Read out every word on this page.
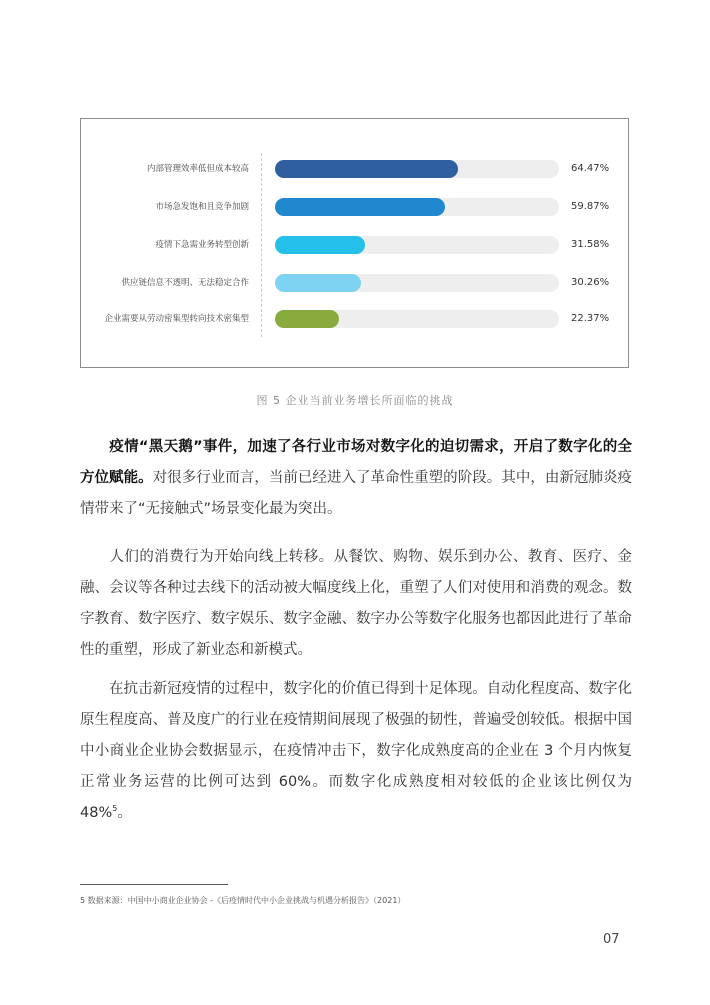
内部管理效率低但成本较高	64.47%
市场急发饱和且竞争加剧	59.87%
疫情下急需业务转型创新	31.58%
供应链信息不透明、无法稳定合作	30.26%
企业需要从劳动密集型转向技术密集型	22.37%
图 5 企业当前业务增长所面临的挑战

疫情“黑天鹅”事件，加速了各行业市场对数字化的迫切需求，开启了数字化的全方位赋能。对很多行业而言，当前已经进入了革命性重塑的阶段。其中，由新冠肺炎疫情带来了“无接触式”场景变化最为突出。

人们的消费行为开始向线上转移。从餐饮、购物、娱乐到办公、教育、医疗、金融、会议等各种过去线下的活动被大幅度线上化，重塑了人们对使用和消费的观念。数字教育、数字医疗、数字娱乐、数字金融、数字办公等数字化服务也都因此进行了革命性的重塑，形成了新业态和新模式。

在抗击新冠疫情的过程中，数字化的价值已得到十足体现。自动化程度高、数字化原生程度高、普及度广的行业在疫情期间展现了极强的韧性，普遍受创较低。根据中国中小商业企业协会数据显示，在疫情冲击下，数字化成熟度高的企业在 3 个月内恢复正常业务运营的比例可达到 60%。而数字化成熟度相对较低的企业该比例仅为 48%$^5$。

5 数据来源：中国中小商业企业协会 -《后疫情时代中小企业挑战与机遇分析报告》（2021）
07
